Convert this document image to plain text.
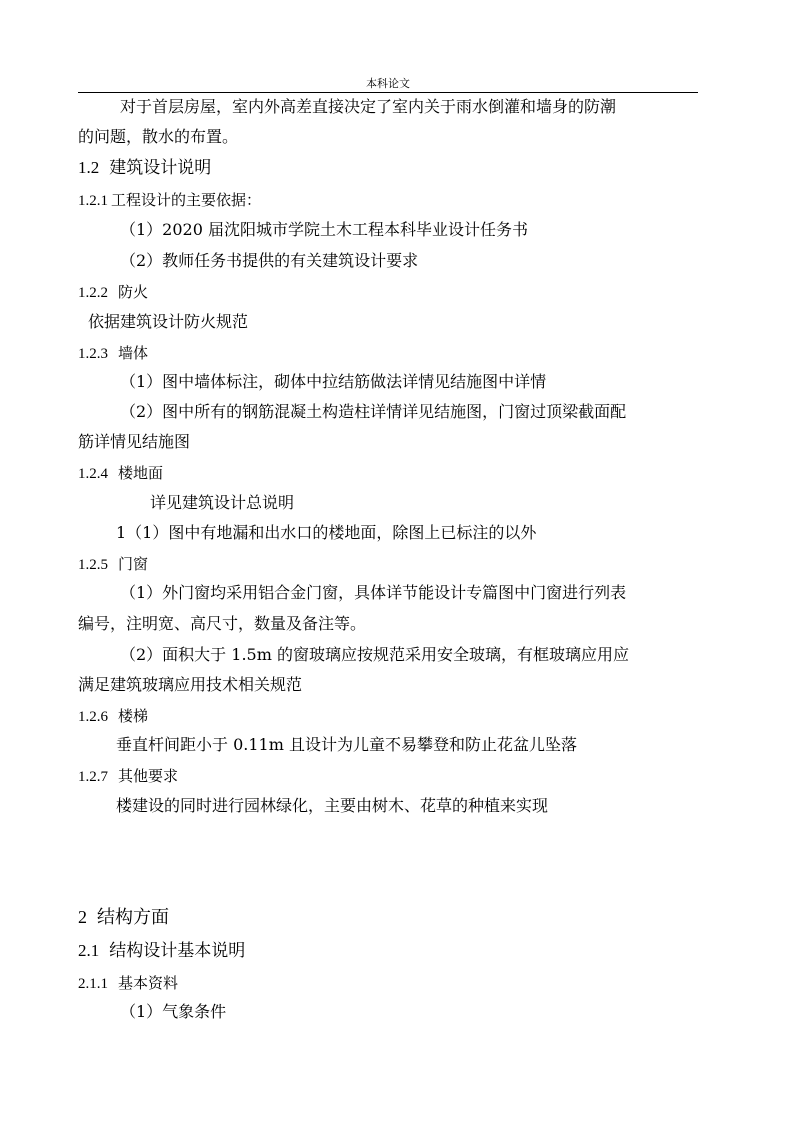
本科论文
对于首层房屋，室内外高差直接决定了室内关于雨水倒灌和墙身的防潮
的问题，散水的布置。
1.2 建筑设计说明
1.2.1 工程设计的主要依据：
（1）2020 届沈阳城市学院土木工程本科毕业设计任务书
（2）教师任务书提供的有关建筑设计要求
1.2.2 防火
依据建筑设计防火规范
1.2.3 墙体
（1）图中墙体标注，砌体中拉结筋做法详情见结施图中详情
（2）图中所有的钢筋混凝土构造柱详情详见结施图，门窗过顶梁截面配
筋详情见结施图
1.2.4 楼地面
详见建筑设计总说明
1（1）图中有地漏和出水口的楼地面，除图上已标注的以外
1.2.5 门窗
（1）外门窗均采用铝合金门窗，具体详节能设计专篇图中门窗进行列表
编号，注明宽、高尺寸，数量及备注等。
（2）面积大于 1.5m 的窗玻璃应按规范采用安全玻璃，有框玻璃应用应
满足建筑玻璃应用技术相关规范
1.2.6 楼梯
垂直杆间距小于 0.11m 且设计为儿童不易攀登和防止花盆儿坠落
1.2.7 其他要求
楼建设的同时进行园林绿化，主要由树木、花草的种植来实现
2 结构方面
2.1 结构设计基本说明
2.1.1 基本资料
（1）气象条件
